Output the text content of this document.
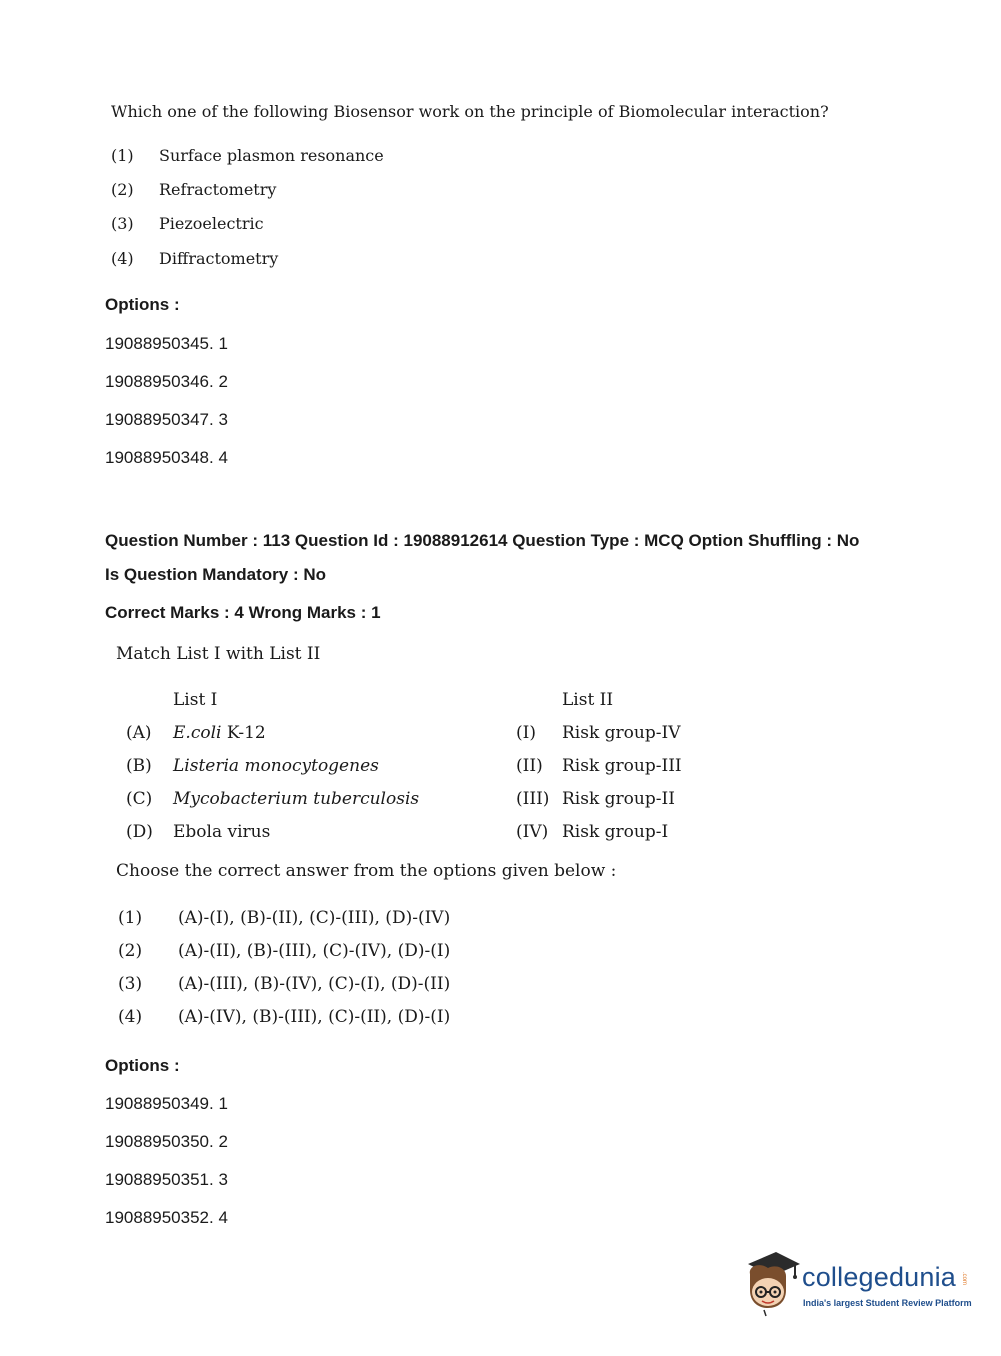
Which one of the following Biosensor work on the principle of Biomolecular interaction?
(1) Surface plasmon resonance
(2) Refractometry
(3) Piezoelectric
(4) Diffractometry
Options :
19088950345. 1
19088950346. 2
19088950347. 3
19088950348. 4
Question Number : 113 Question Id : 19088912614 Question Type : MCQ Option Shuffling : No
Is Question Mandatory : No
Correct Marks : 4 Wrong Marks : 1
Match List I with List II
List I	List II
(A) E.coli K-12	(I) Risk group-IV
(B) Listeria monocytogenes	(II) Risk group-III
(C) Mycobacterium tuberculosis	(III) Risk group-II
(D) Ebola virus	(IV) Risk group-I
Choose the correct answer from the options given below :
(1) (A)-(I), (B)-(II), (C)-(III), (D)-(IV)
(2) (A)-(II), (B)-(III), (C)-(IV), (D)-(I)
(3) (A)-(III), (B)-(IV), (C)-(I), (D)-(II)
(4) (A)-(IV), (B)-(III), (C)-(II), (D)-(I)
Options :
19088950349. 1
19088950350. 2
19088950351. 3
19088950352. 4
collegedunia .com
India's largest Student Review Platform
